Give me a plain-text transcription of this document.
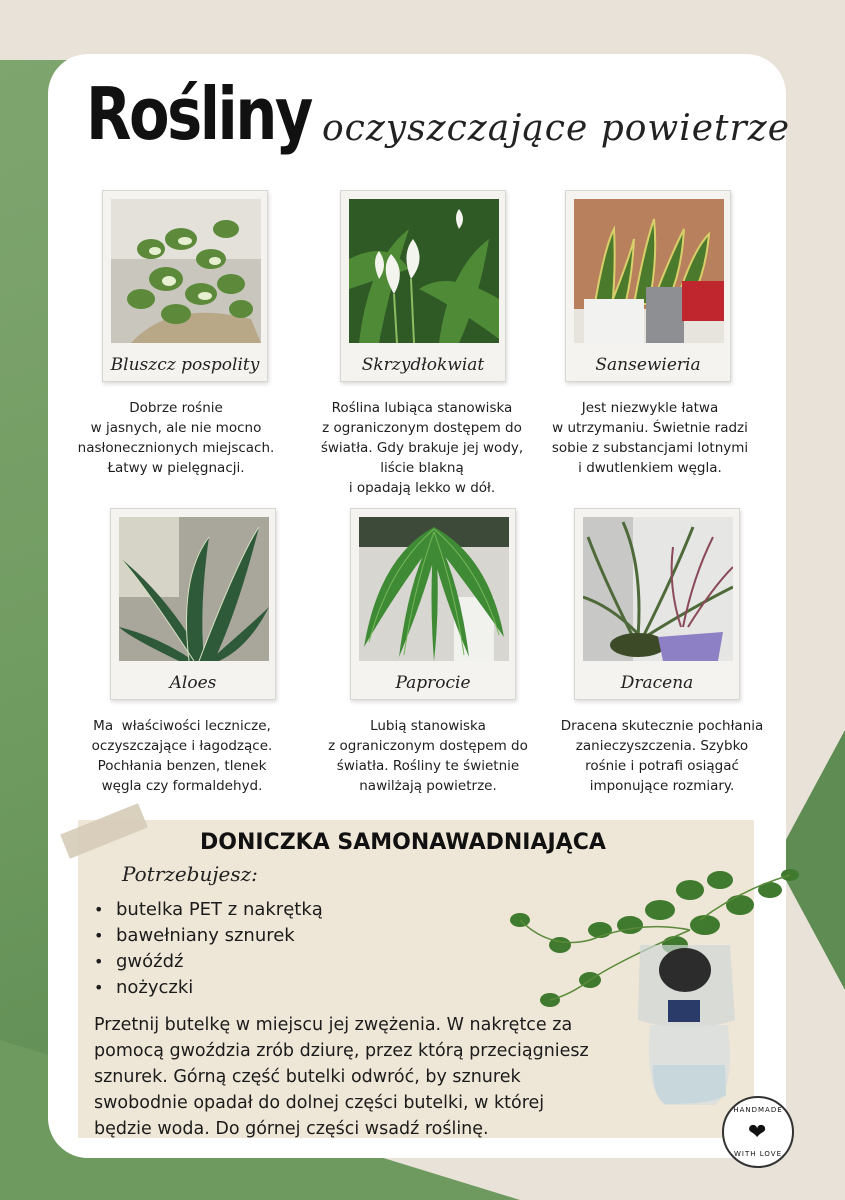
Rośliny oczyszczające powietrze
Bluszcz pospolity	Skrzydłokwiat	Sansewieria
Dobrze rośnie
w jasnych, ale nie mocno
nasłonecznionych miejscach.
Łatwy w pielęgnacji.
Roślina lubiąca stanowiska
z ograniczonym dostępem do
światła. Gdy brakuje jej wody,
liście blakną
i opadają lekko w dół.
Jest niezwykle łatwa
w utrzymaniu. Świetnie radzi
sobie z substancjami lotnymi
i dwutlenkiem węgla.
Aloes	Paprocie	Dracena
Ma  właściwości lecznicze,
oczyszczające i łagodzące.
Pochłania benzen, tlenek
węgla czy formaldehyd.
Lubią stanowiska
z ograniczonym dostępem do
światła. Rośliny te świetnie
nawilżają powietrze.
Dracena skutecznie pochłania
zanieczyszczenia. Szybko
rośnie i potrafi osiągać
imponujące rozmiary.
DONICZKA SAMONAWADNIAJĄCA
Potrzebujesz:
• butelka PET z nakrętką
• bawełniany sznurek
• gwóźdź
• nożyczki
Przetnij butelkę w miejscu jej zwężenia. W nakrętce za
pomocą gwoździa zrób dziurę, przez którą przeciągniesz
sznurek. Górną część butelki odwróć, by sznurek
swobodnie opadał do dolnej części butelki, w której
będzie woda. Do górnej części wsadź roślinę.
HANDMADE
❤
WITH LOVE
